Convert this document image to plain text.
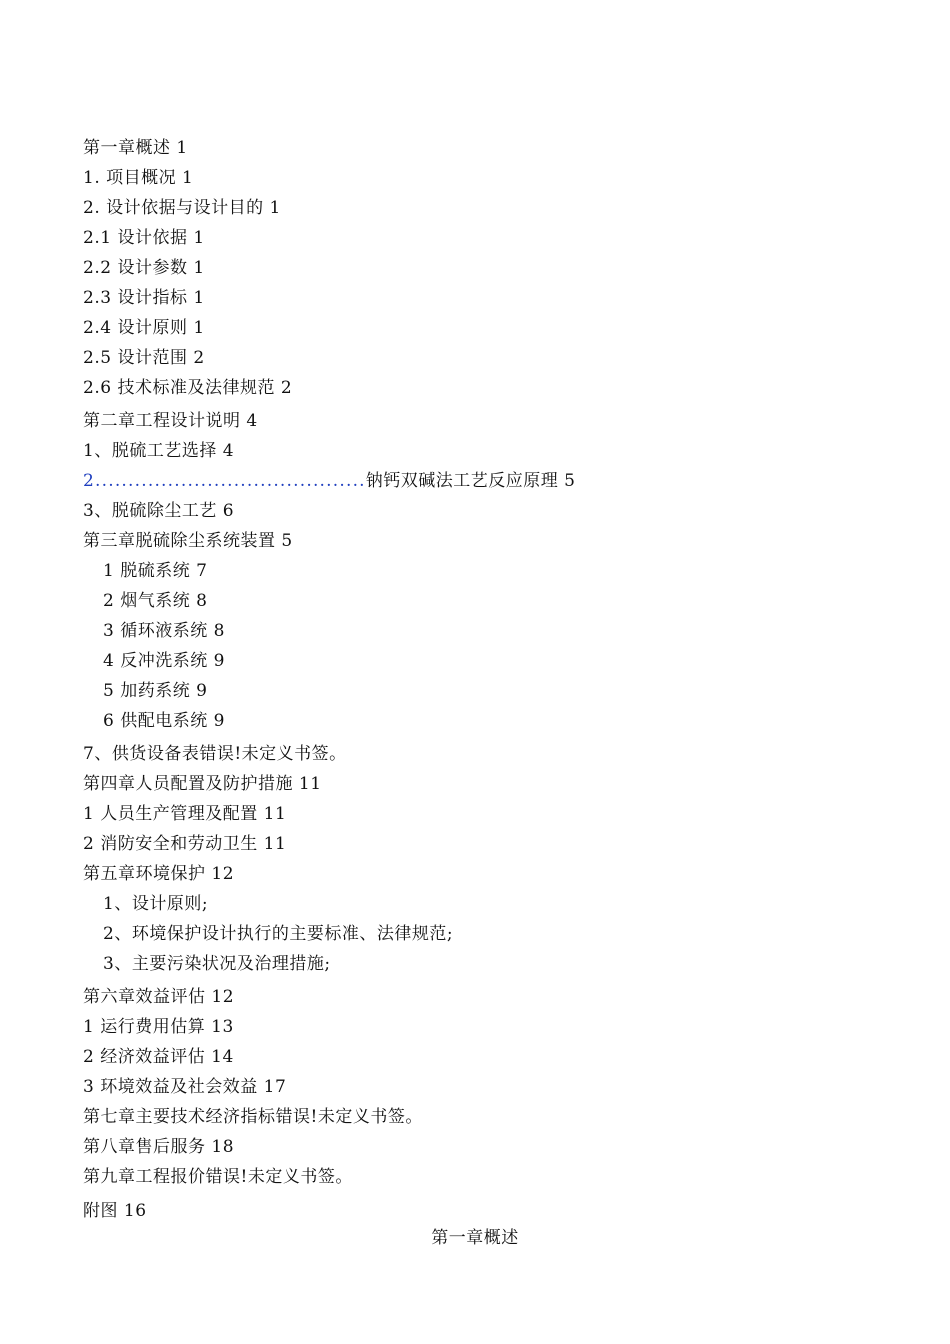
第一章概述 1
1. 项目概况 1
2. 设计依据与设计目的 1
2.1 设计依据 1
2.2 设计参数 1
2.3 设计指标 1
2.4 设计原则 1
2.5 设计范围 2
2.6 技术标准及法律规范 2
第二章工程设计说明 4
1、脱硫工艺选择 4
2.........................................钠钙双碱法工艺反应原理 5
3、脱硫除尘工艺 6
第三章脱硫除尘系统装置 5
1 脱硫系统 7
2 烟气系统 8
3 循环液系统 8
4 反冲洗系统 9
5 加药系统 9
6 供配电系统 9
7、供货设备表错误!未定义书签。
第四章人员配置及防护措施 11
1 人员生产管理及配置 11
2 消防安全和劳动卫生 11
第五章环境保护 12
1、设计原则;
2、环境保护设计执行的主要标准、法律规范;
3、主要污染状况及治理措施;
第六章效益评估 12
1 运行费用估算 13
2 经济效益评估 14
3 环境效益及社会效益 17
第七章主要技术经济指标错误!未定义书签。
第八章售后服务 18
第九章工程报价错误!未定义书签。
附图 16
第一章概述
